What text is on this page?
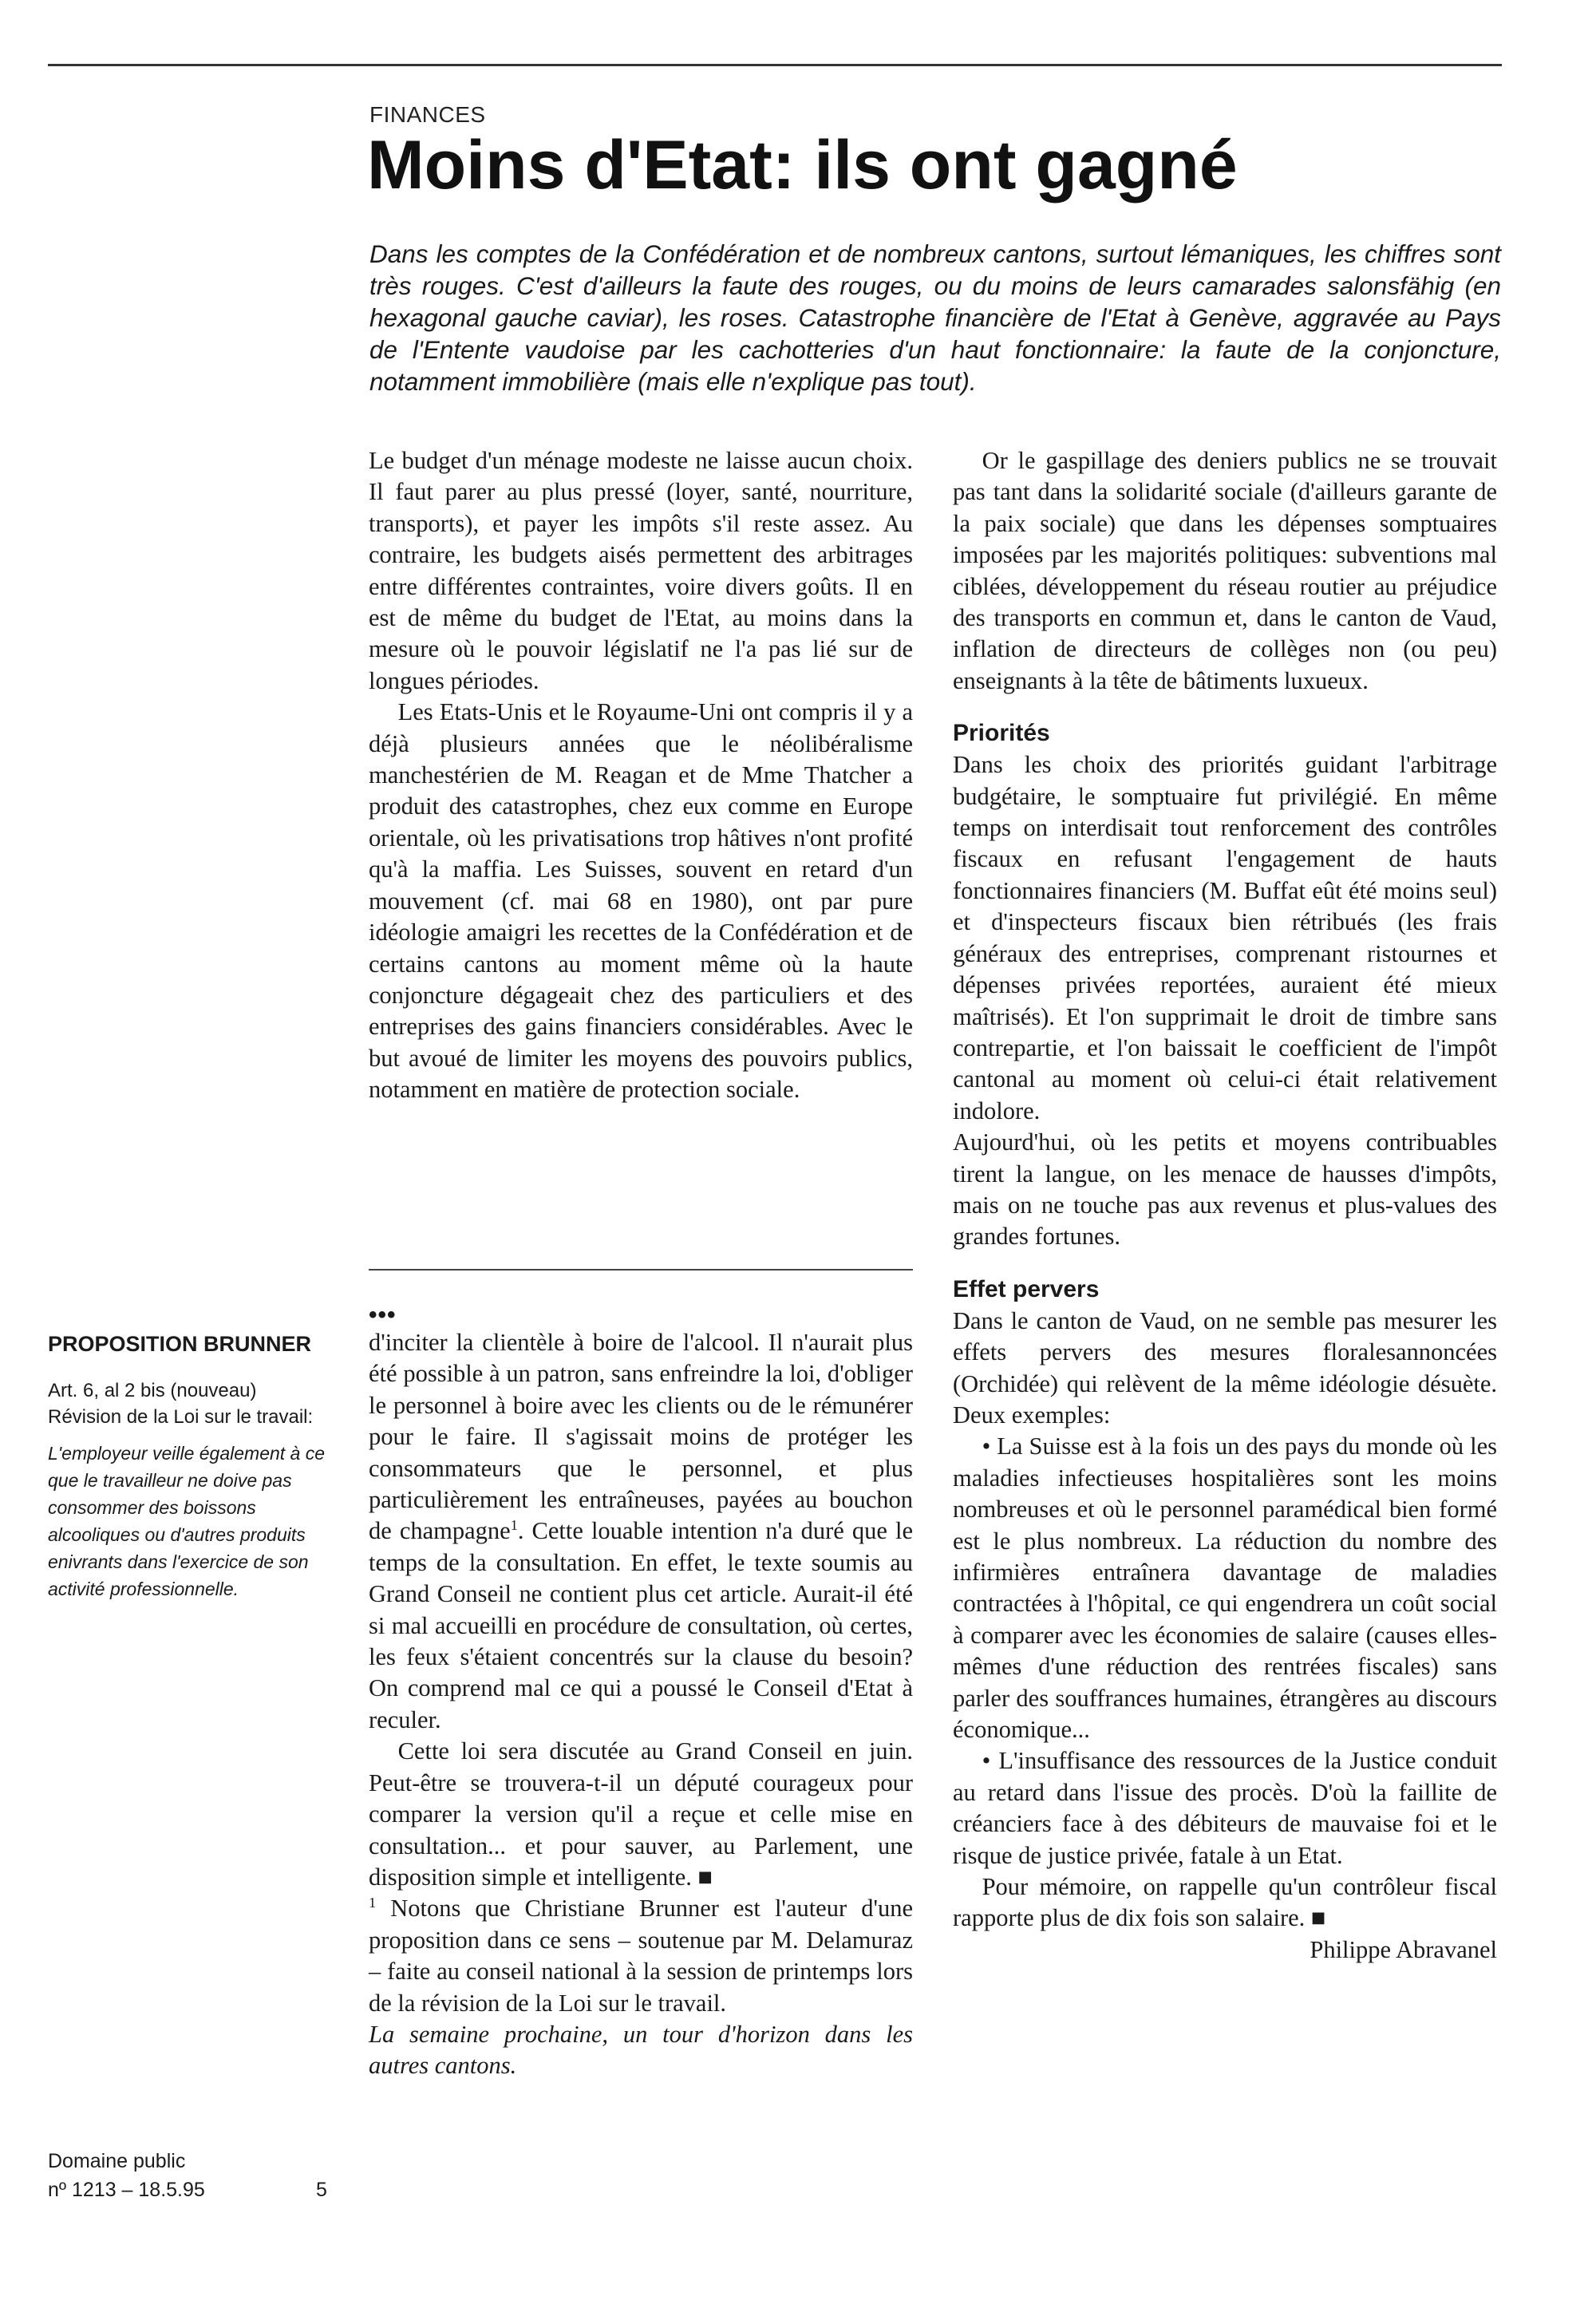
FINANCES
Moins d'Etat: ils ont gagné
Dans les comptes de la Confédération et de nombreux cantons, surtout lémaniques, les chiffres sont très rouges. C'est d'ailleurs la faute des rouges, ou du moins de leurs camarades salonsfähig (en hexagonal gauche caviar), les roses. Catastrophe financière de l'Etat à Genève, aggravée au Pays de l'Entente vaudoise par les cachotteries d'un haut fonctionnaire: la faute de la conjoncture, notamment immobilière (mais elle n'explique pas tout).

Le budget d'un ménage modeste ne laisse aucun choix. Il faut parer au plus pressé (loyer, santé, nourriture, transports), et payer les impôts s'il reste assez. Au contraire, les budgets aisés permettent des arbitrages entre différentes contraintes, voire divers goûts. Il en est de même du budget de l'Etat, au moins dans la mesure où le pouvoir législatif ne l'a pas lié sur de longues périodes.

Les Etats-Unis et le Royaume-Uni ont compris il y a déjà plusieurs années que le néolibéralisme manchestérien de M. Reagan et de Mme Thatcher a produit des catastrophes, chez eux comme en Europe orientale, où les privatisations trop hâtives n'ont profité qu'à la maffia. Les Suisses, souvent en retard d'un mouvement (cf. mai 68 en 1980), ont par pure idéologie amaigri les recettes de la Confédération et de certains cantons au moment même où la haute conjoncture dégageait chez des particuliers et des entreprises des gains financiers considérables. Avec le but avoué de limiter les moyens des pouvoirs publics, notamment en matière de protection sociale.

•••

d'inciter la clientèle à boire de l'alcool. Il n'aurait plus été possible à un patron, sans enfreindre la loi, d'obliger le personnel à boire avec les clients ou de le rémunérer pour le faire. Il s'agissait moins de protéger les consommateurs que le personnel, et plus particulièrement les entraîneuses, payées au bouchon de champagne$^1$. Cette louable intention n'a duré que le temps de la consultation. En effet, le texte soumis au Grand Conseil ne contient plus cet article. Aurait-il été si mal accueilli en procédure de consultation, où certes, les feux s'étaient concentrés sur la clause du besoin? On comprend mal ce qui a poussé le Conseil d'Etat à reculer.

Cette loi sera discutée au Grand Conseil en juin. Peut-être se trouvera-t-il un député courageux pour comparer la version qu'il a reçue et celle mise en consultation... et pour sauver, au Parlement, une disposition simple et intelligente. ■

$^1$ Notons que Christiane Brunner est l'auteur d'une proposition dans ce sens – soutenue par M. Delamuraz – faite au conseil national à la session de printemps lors de la révision de la Loi sur le travail.

La semaine prochaine, un tour d'horizon dans les autres cantons.

Or le gaspillage des deniers publics ne se trouvait pas tant dans la solidarité sociale (d'ailleurs garante de la paix sociale) que dans les dépenses somptuaires imposées par les majorités politiques: subventions mal ciblées, développement du réseau routier au préjudice des transports en commun et, dans le canton de Vaud, inflation de directeurs de collèges non (ou peu) enseignants à la tête de bâtiments luxueux.

Priorités

Dans les choix des priorités guidant l'arbitrage budgétaire, le somptuaire fut privilégié. En même temps on interdisait tout renforcement des contrôles fiscaux en refusant l'engagement de hauts fonctionnaires financiers (M. Buffat eût été moins seul) et d'inspecteurs fiscaux bien rétribués (les frais généraux des entreprises, comprenant ristournes et dépenses privées reportées, auraient été mieux maîtrisés). Et l'on supprimait le droit de timbre sans contrepartie, et l'on baissait le coefficient de l'impôt cantonal au moment où celui-ci était relativement indolore.

Aujourd'hui, où les petits et moyens contribuables tirent la langue, on les menace de hausses d'impôts, mais on ne touche pas aux revenus et plus-values des grandes fortunes.

Effet pervers

Dans le canton de Vaud, on ne semble pas mesurer les effets pervers des mesures floralesannoncées (Orchidée) qui relèvent de la même idéologie désuète. Deux exemples:

• La Suisse est à la fois un des pays du monde où les maladies infectieuses hospitalières sont les moins nombreuses et où le personnel paramédical bien formé est le plus nombreux. La réduction du nombre des infirmières entraînera davantage de maladies contractées à l'hôpital, ce qui engendrera un coût social à comparer avec les économies de salaire (causes elles-mêmes d'une réduction des rentrées fiscales) sans parler des souffrances humaines, étrangères au discours économique...

• L'insuffisance des ressources de la Justice conduit au retard dans l'issue des procès. D'où la faillite de créanciers face à des débiteurs de mauvaise foi et le risque de justice privée, fatale à un Etat.

Pour mémoire, on rappelle qu'un contrôleur fiscal rapporte plus de dix fois son salaire. ■

Philippe Abravanel

PROPOSITION BRUNNER

Art. 6, al 2 bis (nouveau) Révision de la Loi sur le travail:

L'employeur veille également à ce que le travailleur ne doive pas consommer des boissons alcooliques ou d'autres produits enivrants dans l'exercice de son activité professionnelle.

Domaine public
nº 1213 – 18.5.95	5
